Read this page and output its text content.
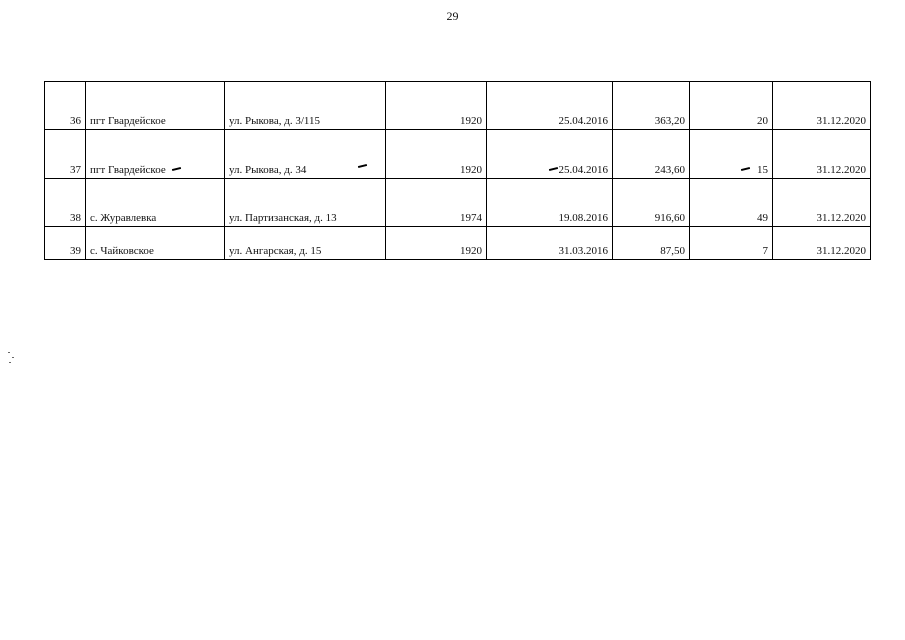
29
36	пгт Гвардейское	ул. Рыкова, д. 3/115	1920	25.04.2016	363,20	20	31.12.2020
37	пгт Гвардейское	ул. Рыкова, д. 34	1920	25.04.2016	243,60	15	31.12.2020
38	с. Журавлевка	ул. Партизанская, д. 13	1974	19.08.2016	916,60	49	31.12.2020
39	с. Чайковское	ул. Ангарская, д. 15	1920	31.03.2016	87,50	7	31.12.2020
